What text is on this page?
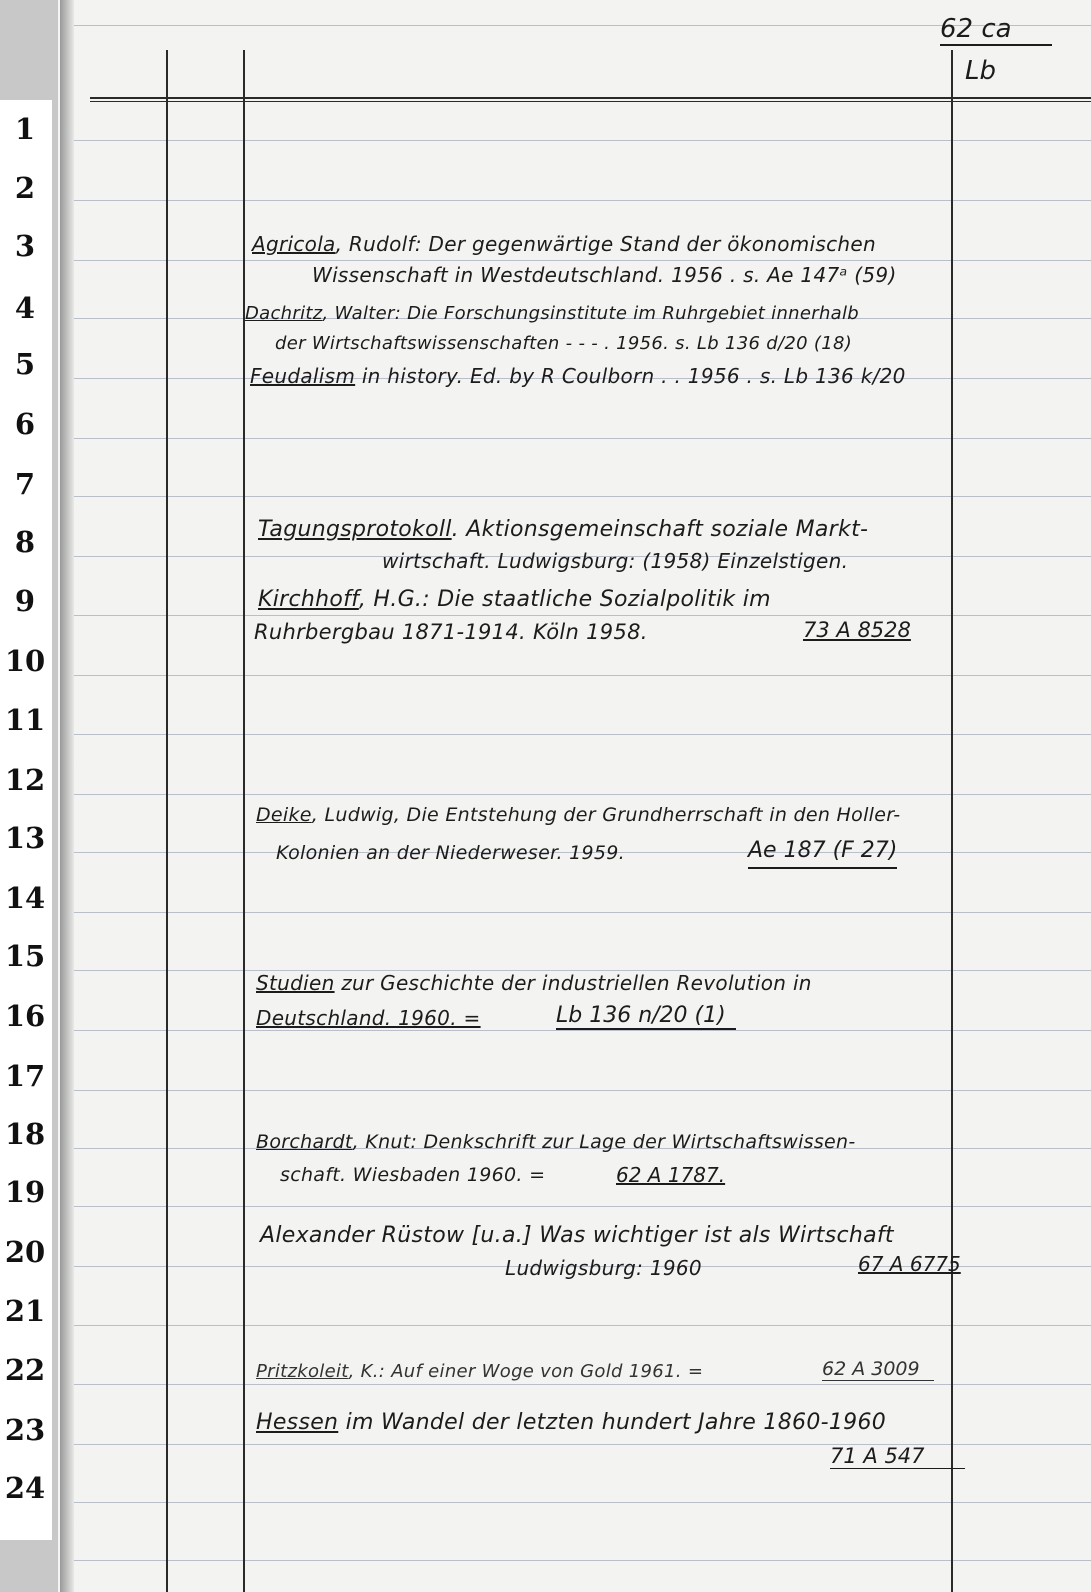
1
2
3
4
5
6
7
8
9
10
11
12
13
14
15
16
17
18
19
20
21
22
23
24
62 ca
Lb
Agricola, Rudolf: Der gegenwärtige Stand der ökonomischen
Wissenschaft in Westdeutschland. 1956 . s. Ae 147ᵃ (59)
Dachritz, Walter: Die Forschungsinstitute im Ruhrgebiet innerhalb
der Wirtschaftswissenschaften - - - . 1956. s. Lb 136 d/20 (18)
Feudalism in history. Ed. by R Coulborn . . 1956 . s. Lb 136 k/20
Tagungsprotokoll. Aktionsgemeinschaft soziale Markt-
wirtschaft. Ludwigsburg: (1958) Einzelstigen.
Kirchhoff, H.G.: Die staatliche Sozialpolitik im
Ruhrbergbau 1871-1914. Köln 1958.	73 A 8528
Deike, Ludwig, Die Entstehung der Grundherrschaft in den Holler-
Kolonien an der Niederweser. 1959.	Ae 187 (F 27)
Studien zur Geschichte der industriellen Revolution in
Deutschland. 1960. =	Lb 136 n/20 (1)
Borchardt, Knut: Denkschrift zur Lage der Wirtschaftswissen-
schaft. Wiesbaden 1960. =	62 A 1787.
Alexander Rüstow [u.a.] Was wichtiger ist als Wirtschaft
Ludwigsburg: 1960	67 A 6775
Pritzkoleit, K.: Auf einer Woge von Gold 1961. =	62 A 3009
Hessen im Wandel der letzten hundert Jahre 1860-1960
71 A 547
